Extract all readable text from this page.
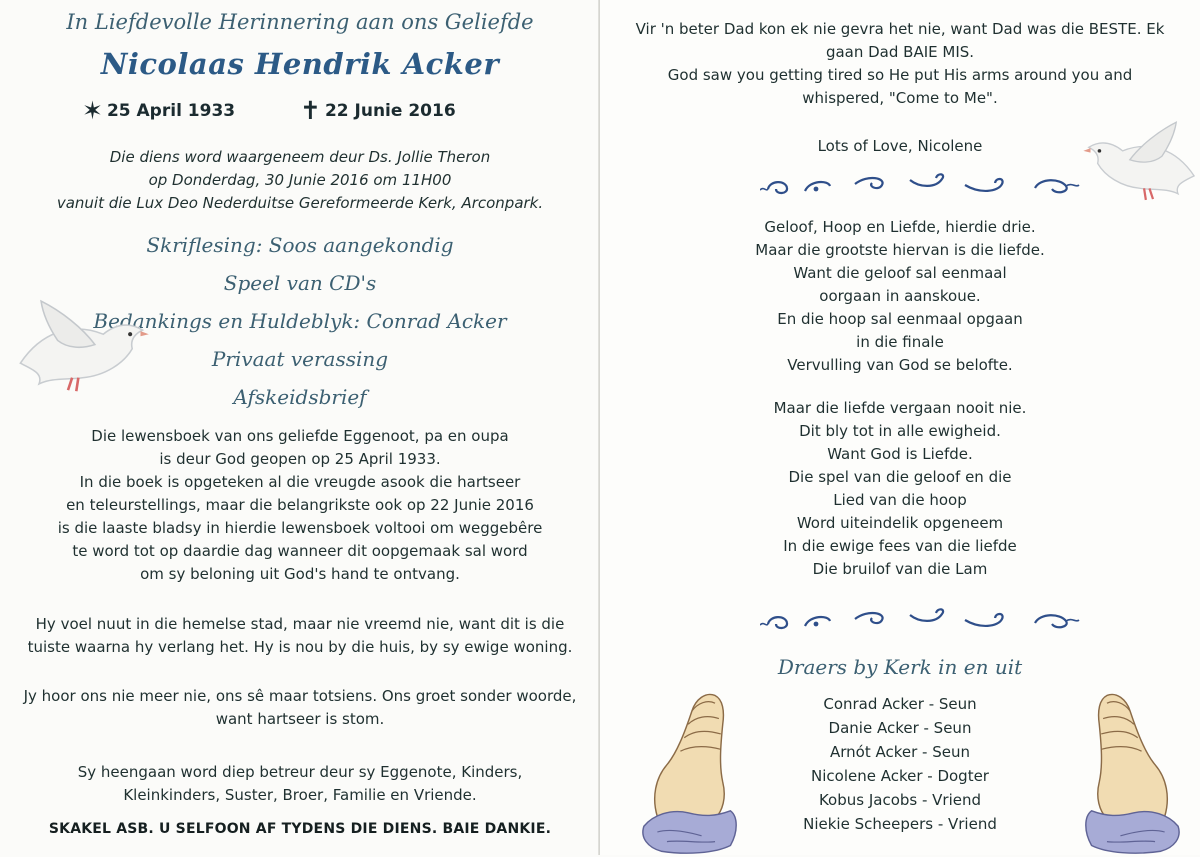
In Liefdevolle Herinnering aan ons Geliefde
Nicolaas Hendrik Acker
✶ 25 April 1933	✝ 22 Junie 2016
Die diens word waargeneem deur Ds. Jollie Theron
op Donderdag, 30 Junie 2016 om 11H00
vanuit die Lux Deo Nederduitse Gereformeerde Kerk, Arconpark.
Skriflesing: Soos aangekondig
Speel van CD's
Bedankings en Huldeblyk: Conrad Acker
Privaat verassing
Afskeidsbrief
Die lewensboek van ons geliefde Eggenoot, pa en oupa
is deur God geopen op 25 April 1933.
In die boek is opgeteken al die vreugde asook die hartseer
en teleurstellings, maar die belangrikste ook op 22 Junie 2016
is die laaste bladsy in hierdie lewensboek voltooi om weggebêre
te word tot op daardie dag wanneer dit oopgemaak sal word
om sy beloning uit God's hand te ontvang.
Hy voel nuut in die hemelse stad, maar nie vreemd nie, want dit is die
tuiste waarna hy verlang het. Hy is nou by die huis, by sy ewige woning.
Jy hoor ons nie meer nie, ons sê maar totsiens. Ons groet sonder woorde,
want hartseer is stom.
Sy heengaan word diep betreur deur sy Eggenote, Kinders,
Kleinkinders, Suster, Broer, Familie en Vriende.
SKAKEL ASB. U SELFOON AF TYDENS DIE DIENS. BAIE DANKIE.
Vir 'n beter Dad kon ek nie gevra het nie, want Dad was die BESTE. Ek
gaan Dad BAIE MIS.
God saw you getting tired so He put His arms around you and
whispered, "Come to Me".
Lots of Love, Nicolene
Geloof, Hoop en Liefde, hierdie drie.
Maar die grootste hiervan is die liefde.
Want die geloof sal eenmaal
oorgaan in aanskoue.
En die hoop sal eenmaal opgaan
in die finale
Vervulling van God se belofte.
Maar die liefde vergaan nooit nie.
Dit bly tot in alle ewigheid.
Want God is Liefde.
Die spel van die geloof en die
Lied van die hoop
Word uiteindelik opgeneem
In die ewige fees van die liefde
Die bruilof van die Lam
Draers by Kerk in en uit
Conrad Acker - Seun
Danie Acker - Seun
Arnót Acker - Seun
Nicolene Acker - Dogter
Kobus Jacobs - Vriend
Niekie Scheepers - Vriend
